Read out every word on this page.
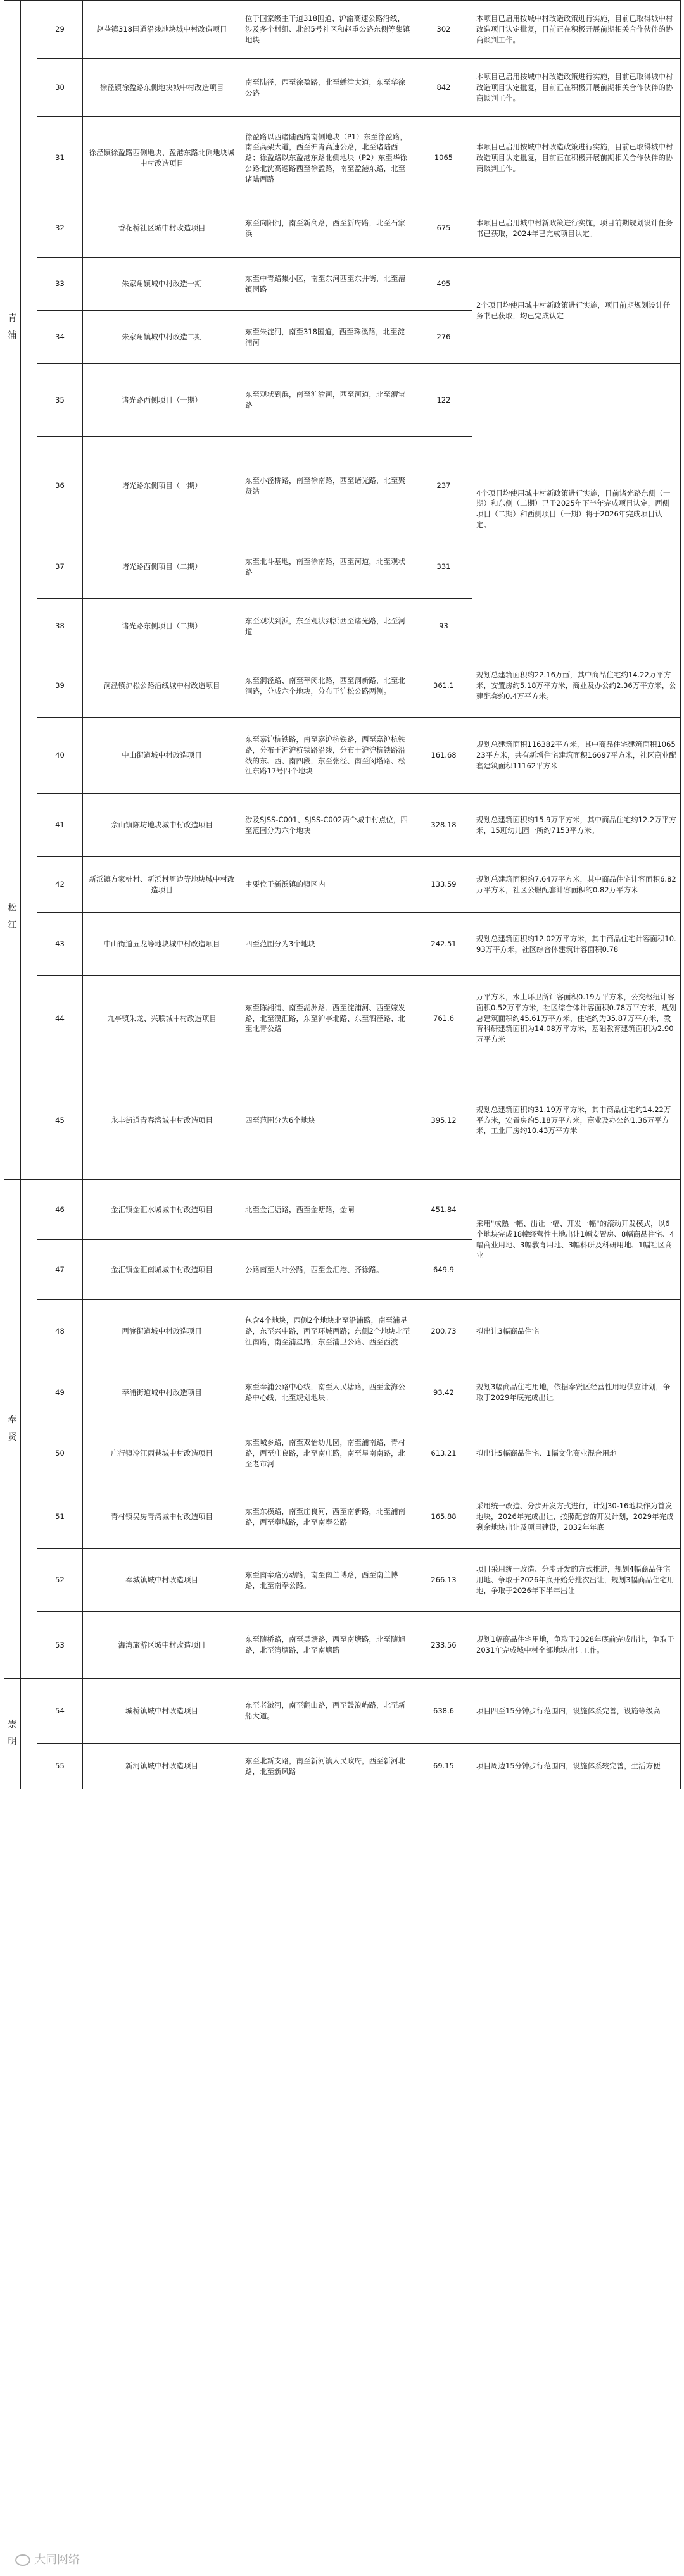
青浦		29	赵巷镇318国道沿线地块城中村改造项目	位于国家级主干道318国道、沪渝高速公路沿线，涉及多个村组、北部5号社区和赵重公路东侧等集镇地块	302	本项目已启用按城中村改造政策进行实施，目前已取得城中村改造项目认定批复，目前正在积极开展前期相关合作伙伴的协商谈判工作。
		30	徐泾镇徐盈路东侧地块城中村改造项目	南至陆径，西至徐盈路，北至蟠津大道，东至华徐公路	842	本项目已启用按城中村改造政策进行实施，目前已取得城中村改造项目认定批复，目前正在积极开展前期相关合作伙伴的协商谈判工作。
		31	徐泾镇徐盈路西侧地块、盈港东路北侧地块城中村改造项目	徐盈路以西诸陆西路南侧地块（P1）东至徐盈路，南至高架大道，西至沪青高速公路，北至诸陆西路；徐盈路以东盈港东路北侧地块（P2）东至华徐公路北沈高速路西至徐盈路，南至盈港东路，北至诸陆西路	1065	本项目已启用按城中村改造政策进行实施，目前已取得城中村改造项目认定批复，目前正在积极开展前期相关合作伙伴的协商谈判工作。
		32	香花桥社区城中村改造项目	东至向阳河，南至新高路，西至新府路，北至石家浜	675	本项目已启用城中村新政策进行实施，项目前期规划设计任务书已获取，2024年已完成项目认定。
		33	朱家角镇城中村改造一期	东至中青路集小区，南至东河西至东井街，北至漕镇园路	495	2个项目均使用城中村新政策进行实施，项目前期规划设计任务书已获取，均已完成认定
		34	朱家角镇城中村改造二期	东至朱淀河，南至318国道，西至珠溪路，北至淀浦河	276	
		35	诸光路西侧项目（一期）	东至观状到浜，南至沪渝河，西至河道，北至漕宝路	122	4个项目均使用城中村新政策进行实施，目前诸光路东侧（一期）和东侧（二期）已于2025年下半年完成项目认定，西侧项目（二期）和西侧项目（一期）将于2026年完成项目认定。
		36	诸光路东侧项目（一期）	东至小泾桥路，南至徐南路，西至诸光路，北至聚贤站	237	
		37	诸光路西侧项目（二期）	东至北斗基地，南至徐南路，西至河道，北至观状路	331	
		38	诸光路东侧项目（二期）	东至观状到浜，东至观状到浜西至诸光路，北至河道	93	
松江		39	洞泾镇沪松公路沿线城中村改造项目	东至洞泾路、南至莘闵北路，西至洞新路，北至北洞路，分成六个地块，分布于沪松公路两侧。	361.1	规划总建筑面积约22.16万㎡，其中商品住宅约14.22万平方米，安置房约5.18万平方米，商业及办公约2.36万平方米，公建配套约0.4万平方米。
		40	中山街道城中村改造项目	东至嘉沪杭铁路，南至嘉沪杭铁路，西至嘉沪杭铁路，分布于沪沪杭铁路沿线，分布于沪沪杭铁路沿线的东、西、南四段，东至张泾、南至闵塔路、松江东路17号四个地块	161.68	规划总建筑面积116382平方米，其中商品住宅建筑面积106523平方米，共有新增住宅建筑面积16697平方米，社区商业配套建筑面积11162平方米
		41	佘山镇陈坊地块城中村改造项目	涉及SJSS-C001、SJSS-C002两个城中村点位，四至范围分为六个地块	328.18	规划总建筑面积约15.9万平方米，其中商品住宅约12.2万平方米，15班幼儿园一所约7153平方米。
		42	新浜镇方家桩村、新浜村周边等地块城中村改造项目	主要位于新浜镇的镇区内	133.59	规划总建筑面积约7.64万平方米，其中商品住宅计容面积6.82万平方米，社区公服配套计容面积约0.82万平方米
		43	中山街道五龙等地块城中村改造项目	四至范围分为3个地块	242.51	规划总建筑面积约12.02万平方米，其中商品住宅计容面积10.93万平方米，社区综合体建筑计容面积0.78
		44	九亭镇朱龙、兴联城中村改造项目	东至陈湘浦、南至湖洲路、西至淀浦河、西至嫁发路，北至漠汇路，东至沪亭北路、东至泗泾路、北至北青公路	761.6	万平方米，水上环卫所计容面积0.19万平方米，公交枢纽计容面积0.52万平方米，社区综合体计容面积0.78万平方米，规划总建筑面积约45.61万平方米，住宅约为35.87万平方米，教育科研建筑面积为14.08万平方米，基础教育建筑面积为2.90万平方米
		45	永丰街道青春湾城中村改造项目	四至范围分为6个地块	395.12	规划总建筑面积约31.19万平方米，其中商品住宅约14.22万平方米，安置房约5.18万平方米，商业及办公约1.36万平方米，工业厂房约10.43万平方米
奉贤		46	金汇镇金汇水城城中村改造项目	北至金汇塘路，西至金塘路，金闸	451.84	采用"成熟一幅、出让一幅、开发一幅"的滚动开发模式，以6个地块完成18幢经营性土地出让1幅安置房、8幅商品住宅、4幅商业用地、3幅教育用地、3幅科研及科研用地、1幅社区商业
		47	金汇镇金汇南城城中村改造项目	公路南至大叶公路，西至金汇港、齐徐路。	649.9	
		48	西渡街道城中村改造项目	包含4个地块，西侧2个地块北至沿浦路，南至浦星路，东至兴中路，西至环城西路；东侧2个地块北至江南路，南至浦星路，东至浦卫公路、西至西渡	200.73	拟出让3幅商品住宅
		49	奉浦街道城中村改造项目	东至奉浦公路中心线，南至人民塘路，西至金海公路中心线，北至规划地块。	93.42	规划3幅商品住宅用地，依据奉贤区经营性用地供应计划，争取于2029年底完成出让。
		50	庄行镇冷江雨巷城中村改造项目	东至城乡路，南至双怡幼儿园，南至浦南路，青村路，西至庄良路，北至南庄路，南至星南南路，北至老市河	613.21	拟出让5幅商品住宅、1幅文化商业混合用地
		51	青村镇吴房青湾城中村改造项目	东至东横路，南至庄良河，西至南新路，北至浦南路，西至奉城路，北至南奉公路	165.88	采用统一改造、分步开发方式进行，计划30-16地块作为首发地块，2026年完成出让，按照配套的开发计划，2029年完成剩余地块出让及项目建设，2032年年底
		52	奉城镇城中村改造项目	东至南奉路劳动路，南至南兰博路，西至南兰博路，北至南奉公路。	266.13	项目采用统一改造、分步开发的方式推进，规划4幅商品住宅用地、争取于2026年底开始分批次出让，规划3幅商品住宅用地，争取于2026年下半年出让
		53	海湾旅游区城中村改造项目	东至随桥路，南至吴塘路，西至南塘路，北至随旭路，北至湾塘路，北至南塘路	233.56	规划1幅商品住宅用地，争取于2028年底前完成出让，争取于2031年完成城中村全部地块出让工作。
崇明		54	城桥镇城中村改造项目	东至老滧河，南至翻山路，西至鼓浪屿路，北至新船大道。	638.6	项目四至15分钟步行范围内，设施体系完善，设施等级高
		55	新河镇城中村改造项目	东至北新支路，南至新河镇人民政府，西至新河北路，北至新风路	69.15	项目周边15分钟步行范围内，设施体系较完善，生活方便
大同网络
